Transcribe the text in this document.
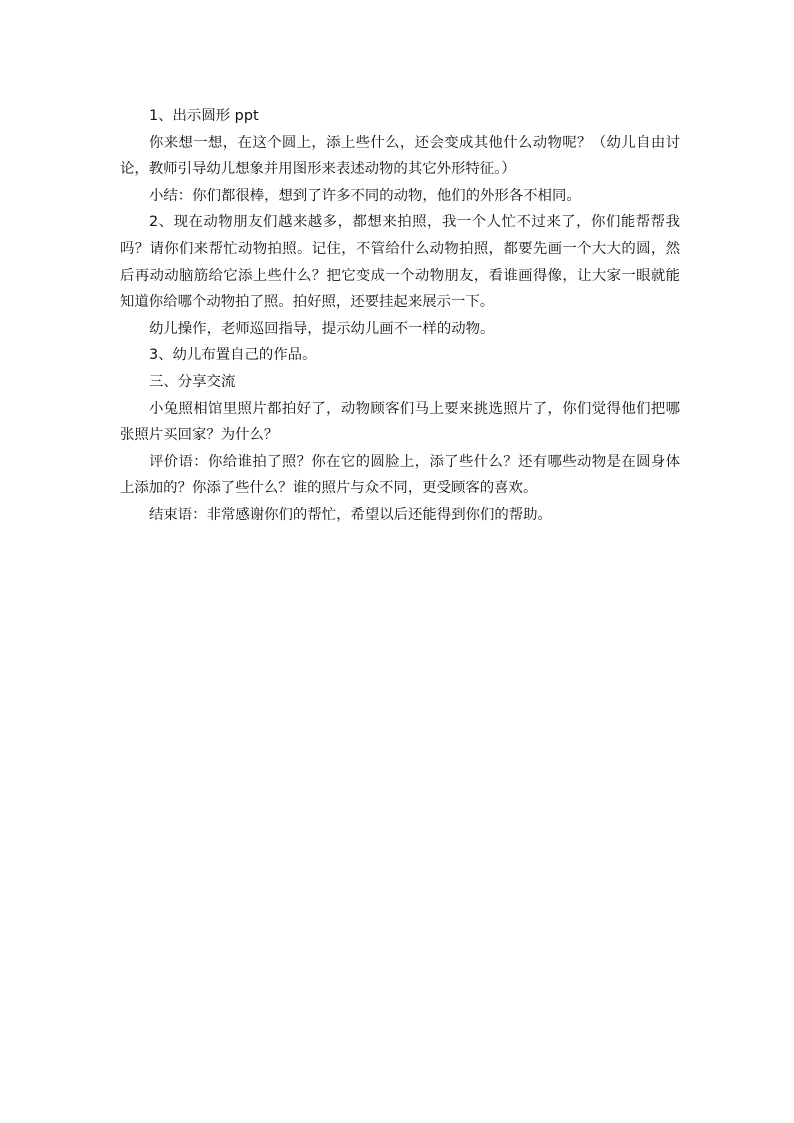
1、出示圆形 ppt

你来想一想，在这个圆上，添上些什么，还会变成其他什么动物呢？（幼儿自由讨论，教师引导幼儿想象并用图形来表述动物的其它外形特征。）

小结：你们都很棒，想到了许多不同的动物，他们的外形各不相同。

2、现在动物朋友们越来越多，都想来拍照，我一个人忙不过来了，你们能帮帮我吗？请你们来帮忙动物拍照。记住，不管给什么动物拍照，都要先画一个大大的圆，然后再动动脑筋给它添上些什么？把它变成一个动物朋友，看谁画得像，让大家一眼就能知道你给哪个动物拍了照。拍好照，还要挂起来展示一下。

幼儿操作，老师巡回指导，提示幼儿画不一样的动物。

3、幼儿布置自己的作品。

三、分享交流

小兔照相馆里照片都拍好了，动物顾客们马上要来挑选照片了，你们觉得他们把哪张照片买回家？为什么？

评价语：你给谁拍了照？你在它的圆脸上，添了些什么？还有哪些动物是在圆身体上添加的？你添了些什么？谁的照片与众不同，更受顾客的喜欢。

结束语：非常感谢你们的帮忙，希望以后还能得到你们的帮助。
